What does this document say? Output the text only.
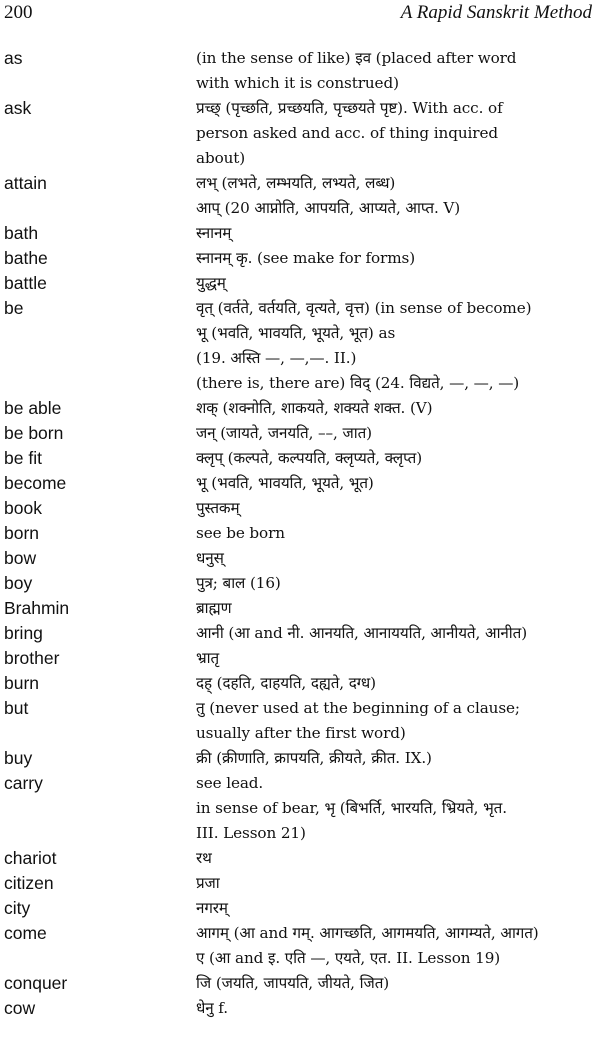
200	A Rapid Sanskrit Method
as	(in the sense of like) इव (placed after word
with which it is construed)
ask	प्रच्छ् (पृच्छति, प्रच्छयति, पृच्छयते पृष्ट). With acc. of
person asked and acc. of thing inquired
about)
attain	लभ् (लभते, लम्भयति, लभ्यते, लब्ध)
आप् (20 आप्नोति, आपयति, आप्यते, आप्त. V)
bath	स्नानम्
bathe	स्नानम् कृ. (see make for forms)
battle	युद्धम्
be	वृत् (वर्तते, वर्तयति, वृत्यते, वृत्त) (in sense of become)
भू (भवति, भावयति, भूयते, भूत) as
(19. अस्ति —, —,—. II.)
(there is, there are) विद् (24. विद्यते, —, —, —)
be able	शक् (शक्नोति, शाकयते, शक्यते शक्त. (V)
be born	जन् (जायते, जनयति, ––, जात)
be fit	क्लृप् (कल्पते, कल्पयति, क्लृप्यते, क्लृप्त)
become	भू (भवति, भावयति, भूयते, भूत)
book	पुस्तकम्
born	see be born
bow	धनुस्
boy	पुत्र; बाल (16)
Brahmin	ब्राह्मण
bring	आनी (आ and नी. आनयति, आनाययति, आनीयते, आनीत)
brother	भ्रातृ
burn	दह् (दहति, दाहयति, दह्यते, दग्ध)
but	तु (never used at the beginning of a clause;
usually after the first word)
buy	क्री (क्रीणाति, क्रापयति, क्रीयते, क्रीत. IX.)
carry	see lead.
in sense of bear, भृ (बिभर्ति, भारयति, भ्रियते, भृत.
III. Lesson 21)
chariot	रथ
citizen	प्रजा
city	नगरम्
come	आगम् (आ and गम्. आगच्छति, आगमयति, आगम्यते, आगत)
ए (आ and इ. एति —, एयते, एत. II. Lesson 19)
conquer	जि (जयति, जापयति, जीयते, जित)
cow	धेनु f.
